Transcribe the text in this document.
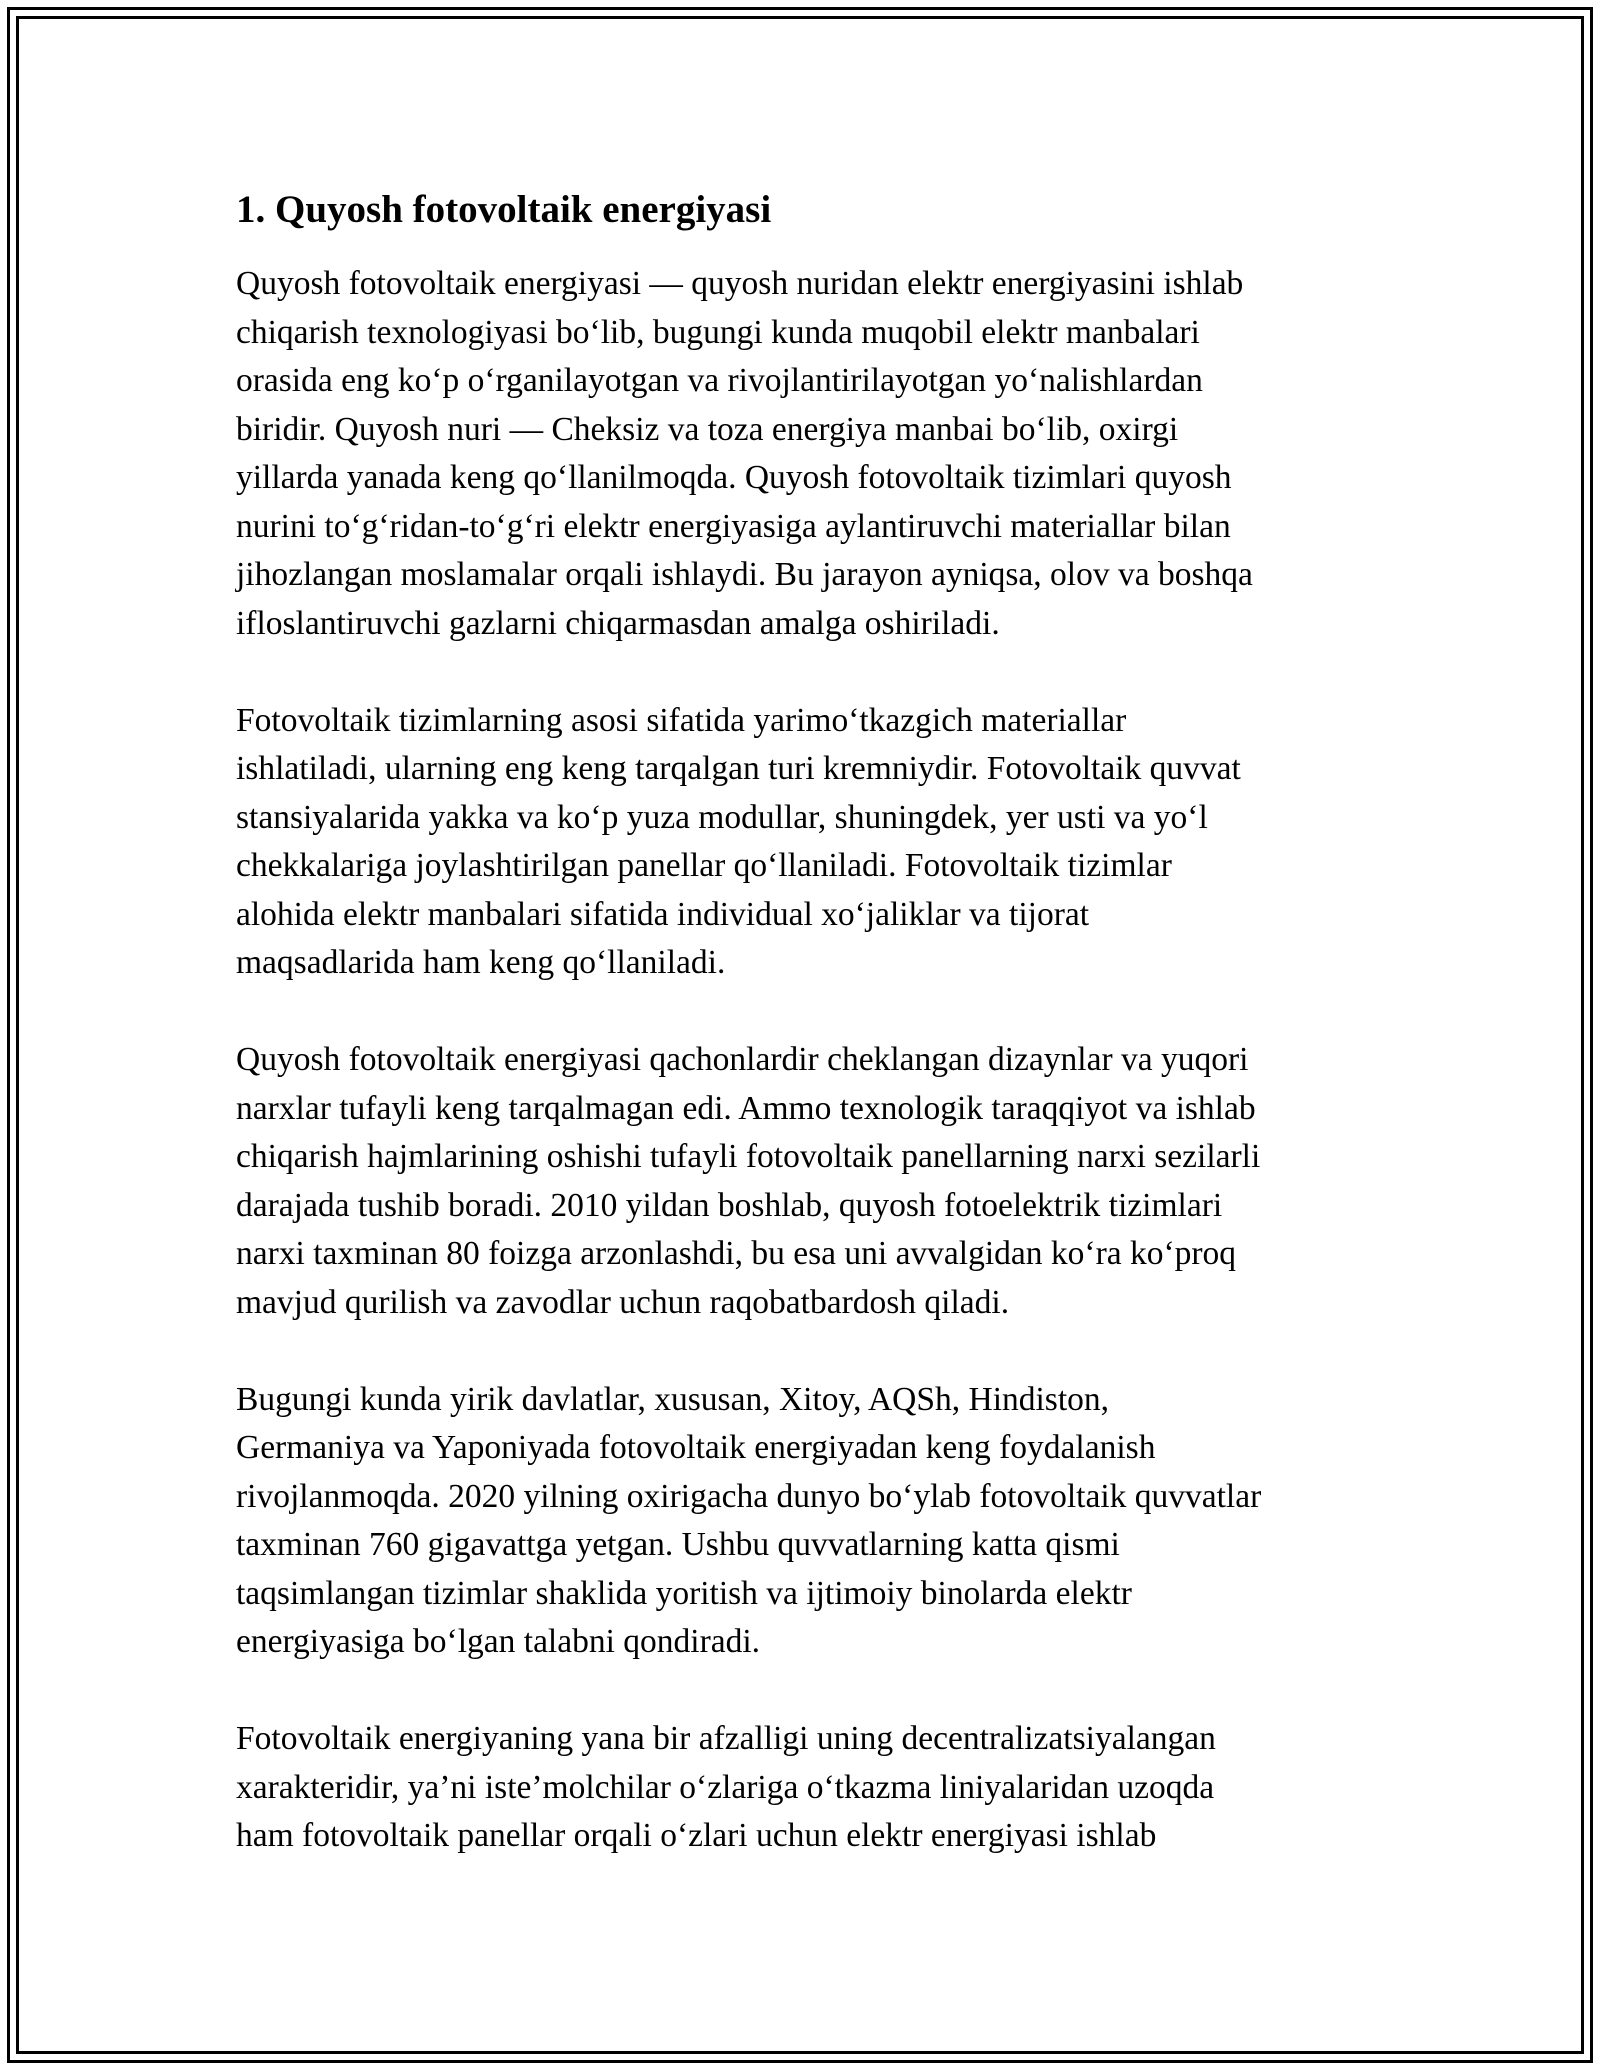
1. Quyosh fotovoltaik energiyasi

Quyosh fotovoltaik energiyasi — quyosh nuridan elektr energiyasini ishlab
chiqarish texnologiyasi bo‘lib, bugungi kunda muqobil elektr manbalari
orasida eng ko‘p o‘rganilayotgan va rivojlantirilayotgan yo‘nalishlardan
biridir. Quyosh nuri — Cheksiz va toza energiya manbai bo‘lib, oxirgi
yillarda yanada keng qo‘llanilmoqda. Quyosh fotovoltaik tizimlari quyosh
nurini to‘g‘ridan-to‘g‘ri elektr energiyasiga aylantiruvchi materiallar bilan
jihozlangan moslamalar orqali ishlaydi. Bu jarayon ayniqsa, olov va boshqa
ifloslantiruvchi gazlarni chiqarmasdan amalga oshiriladi.

Fotovoltaik tizimlarning asosi sifatida yarimo‘tkazgich materiallar
ishlatiladi, ularning eng keng tarqalgan turi kremniydir. Fotovoltaik quvvat
stansiyalarida yakka va ko‘p yuza modullar, shuningdek, yer usti va yo‘l
chekkalariga joylashtirilgan panellar qo‘llaniladi. Fotovoltaik tizimlar
alohida elektr manbalari sifatida individual xo‘jaliklar va tijorat
maqsadlarida ham keng qo‘llaniladi.

Quyosh fotovoltaik energiyasi qachonlardir cheklangan dizaynlar va yuqori
narxlar tufayli keng tarqalmagan edi. Ammo texnologik taraqqiyot va ishlab
chiqarish hajmlarining oshishi tufayli fotovoltaik panellarning narxi sezilarli
darajada tushib boradi. 2010 yildan boshlab, quyosh fotoelektrik tizimlari
narxi taxminan 80 foizga arzonlashdi, bu esa uni avvalgidan ko‘ra ko‘proq
mavjud qurilish va zavodlar uchun raqobatbardosh qiladi.

Bugungi kunda yirik davlatlar, xususan, Xitoy, AQSh, Hindiston,
Germaniya va Yaponiyada fotovoltaik energiyadan keng foydalanish
rivojlanmoqda. 2020 yilning oxirigacha dunyo bo‘ylab fotovoltaik quvvatlar
taxminan 760 gigavattga yetgan. Ushbu quvvatlarning katta qismi
taqsimlangan tizimlar shaklida yoritish va ijtimoiy binolarda elektr
energiyasiga bo‘lgan talabni qondiradi.

Fotovoltaik energiyaning yana bir afzalligi uning decentralizatsiyalangan
xarakteridir, ya’ni iste’molchilar o‘zlariga o‘tkazma liniyalaridan uzoqda
ham fotovoltaik panellar orqali o‘zlari uchun elektr energiyasi ishlab
